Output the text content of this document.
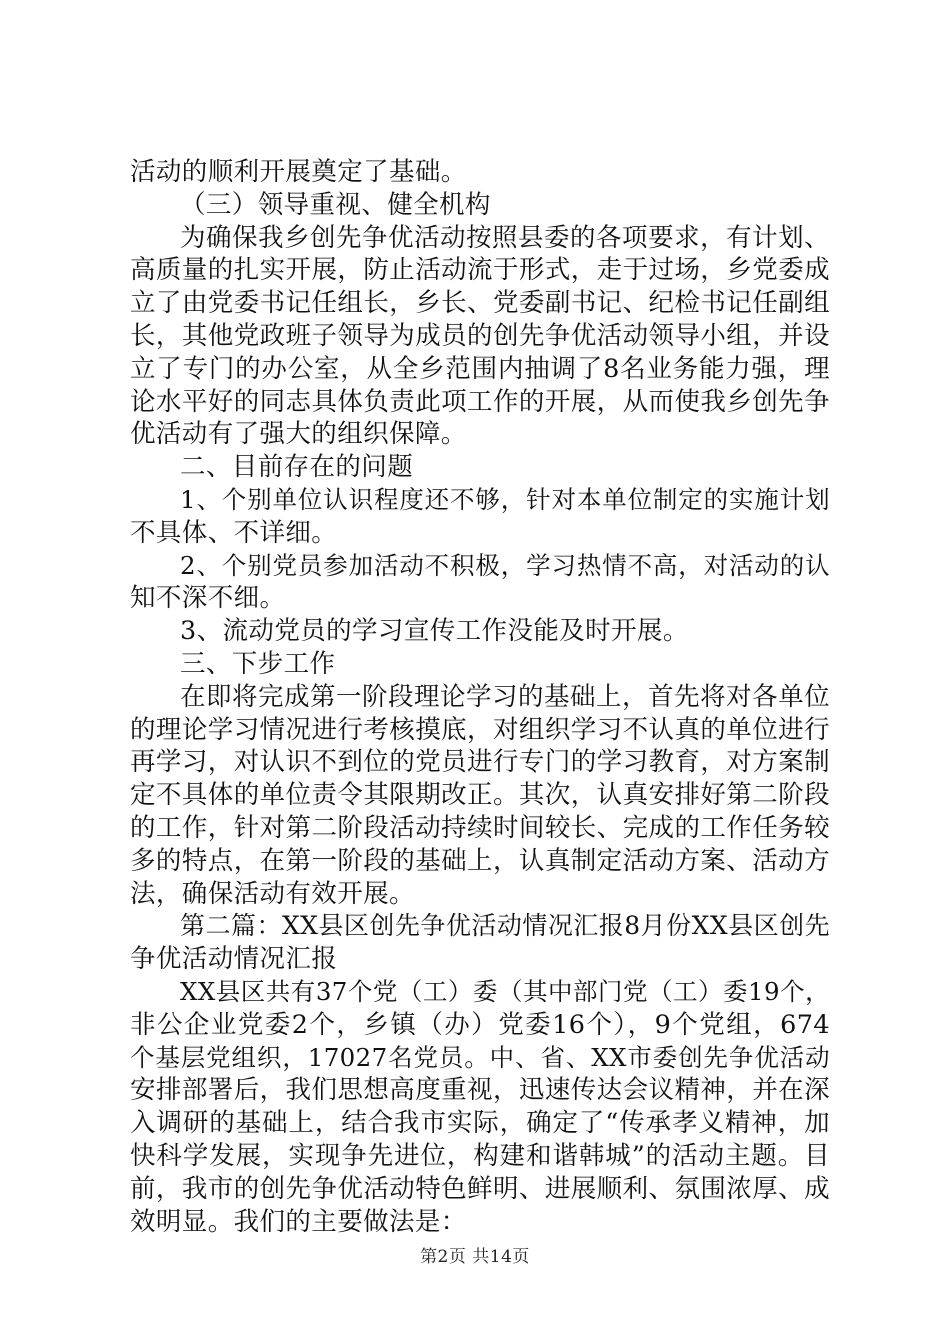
活动的顺利开展奠定了基础。
（三）领导重视、健全机构
为确保我乡创先争优活动按照县委的各项要求，有计划、
高质量的扎实开展，防止活动流于形式，走于过场，乡党委成
立了由党委书记任组长，乡长、党委副书记、纪检书记任副组
长，其他党政班子领导为成员的创先争优活动领导小组，并设
立了专门的办公室，从全乡范围内抽调了8名业务能力强，理
论水平好的同志具体负责此项工作的开展，从而使我乡创先争
优活动有了强大的组织保障。
二、目前存在的问题
1、个别单位认识程度还不够，针对本单位制定的实施计划
不具体、不详细。
2、个别党员参加活动不积极，学习热情不高，对活动的认
知不深不细。
3、流动党员的学习宣传工作没能及时开展。
三、下步工作
在即将完成第一阶段理论学习的基础上，首先将对各单位
的理论学习情况进行考核摸底，对组织学习不认真的单位进行
再学习，对认识不到位的党员进行专门的学习教育，对方案制
定不具体的单位责令其限期改正。其次，认真安排好第二阶段
的工作，针对第二阶段活动持续时间较长、完成的工作任务较
多的特点，在第一阶段的基础上，认真制定活动方案、活动方
法，确保活动有效开展。
第二篇：XX县区创先争优活动情况汇报8月份XX县区创先
争优活动情况汇报
XX县区共有37个党（工）委（其中部门党（工）委19个，
非公企业党委2个，乡镇（办）党委16个），9个党组，674
个基层党组织，17027名党员。中、省、XX市委创先争优活动
安排部署后，我们思想高度重视，迅速传达会议精神，并在深
入调研的基础上，结合我市实际，确定了“传承孝义精神，加
快科学发展，实现争先进位，构建和谐韩城”的活动主题。目
前，我市的创先争优活动特色鲜明、进展顺利、氛围浓厚、成
效明显。我们的主要做法是：
第2页 共14页
